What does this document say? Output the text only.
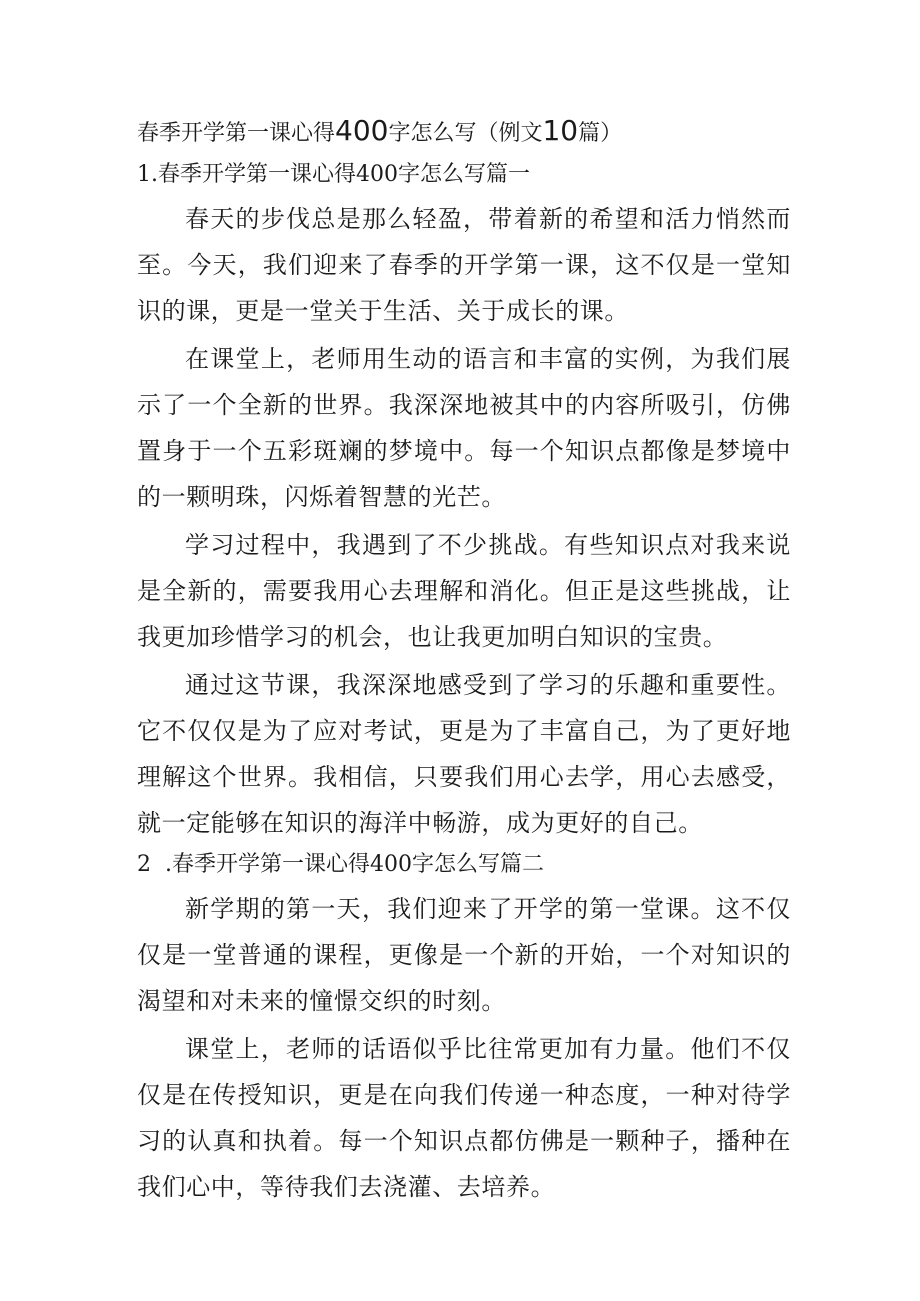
春季开学第一课心得400字怎么写（例文10篇）
1.春季开学第一课心得400字怎么写篇一

春天的步伐总是那么轻盈，带着新的希望和活力悄然而至。今天，我们迎来了春季的开学第一课，这不仅是一堂知识的课，更是一堂关于生活、关于成长的课。

在课堂上，老师用生动的语言和丰富的实例，为我们展示了一个全新的世界。我深深地被其中的内容所吸引，仿佛置身于一个五彩斑斓的梦境中。每一个知识点都像是梦境中的一颗明珠，闪烁着智慧的光芒。

学习过程中，我遇到了不少挑战。有些知识点对我来说是全新的，需要我用心去理解和消化。但正是这些挑战，让我更加珍惜学习的机会，也让我更加明白知识的宝贵。

通过这节课，我深深地感受到了学习的乐趣和重要性。它不仅仅是为了应对考试，更是为了丰富自己，为了更好地理解这个世界。我相信，只要我们用心去学，用心去感受，就一定能够在知识的海洋中畅游，成为更好的自己。

2  .春季开学第一课心得400字怎么写篇二

新学期的第一天，我们迎来了开学的第一堂课。这不仅仅是一堂普通的课程，更像是一个新的开始，一个对知识的渴望和对未来的憧憬交织的时刻。

课堂上，老师的话语似乎比往常更加有力量。他们不仅仅是在传授知识，更是在向我们传递一种态度，一种对待学习的认真和执着。每一个知识点都仿佛是一颗种子，播种在我们心中，等待我们去浇灌、去培养。
